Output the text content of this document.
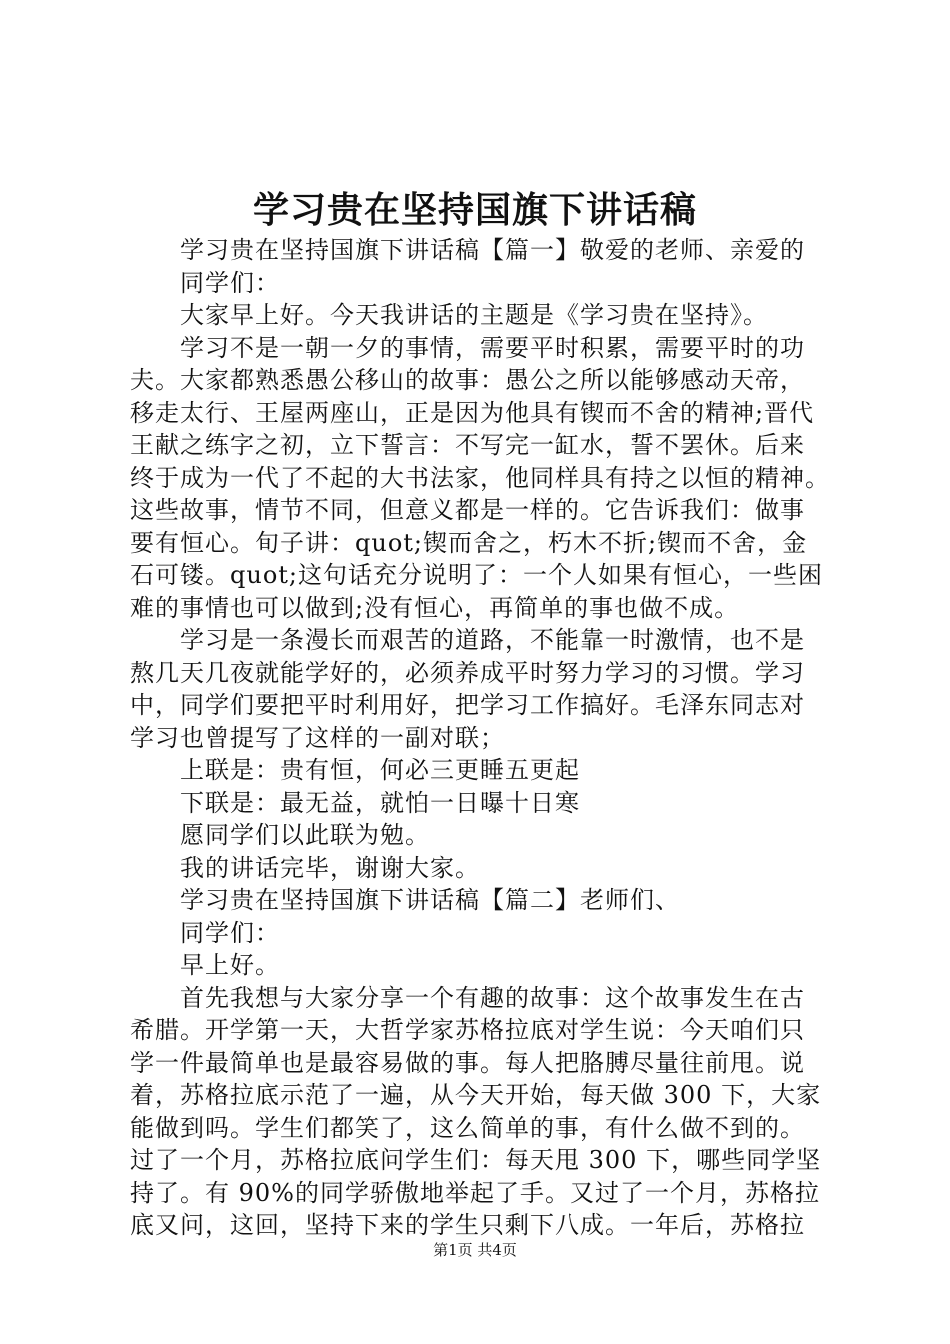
学习贵在坚持国旗下讲话稿
学习贵在坚持国旗下讲话稿【篇一】敬爱的老师、亲爱的
同学们：
大家早上好。今天我讲话的主题是《学习贵在坚持》。
学习不是一朝一夕的事情，需要平时积累，需要平时的功
夫。大家都熟悉愚公移山的故事：愚公之所以能够感动天帝，
移走太行、王屋两座山，正是因为他具有锲而不舍的精神;晋代
王献之练字之初，立下誓言：不写完一缸水，誓不罢休。后来
终于成为一代了不起的大书法家，他同样具有持之以恒的精神。
这些故事，情节不同，但意义都是一样的。它告诉我们：做事
要有恒心。旬子讲：quot;锲而舍之，朽木不折;锲而不舍，金
石可镂。quot;这句话充分说明了：一个人如果有恒心，一些困
难的事情也可以做到;没有恒心，再简单的事也做不成。
学习是一条漫长而艰苦的道路，不能靠一时激情，也不是
熬几天几夜就能学好的，必须养成平时努力学习的习惯。学习
中，同学们要把平时利用好，把学习工作搞好。毛泽东同志对
学习也曾提写了这样的一副对联；
上联是：贵有恒，何必三更睡五更起
下联是：最无益，就怕一日曝十日寒
愿同学们以此联为勉。
我的讲话完毕，谢谢大家。
学习贵在坚持国旗下讲话稿【篇二】老师们、
同学们：
早上好。
首先我想与大家分享一个有趣的故事：这个故事发生在古
希腊。开学第一天，大哲学家苏格拉底对学生说：今天咱们只
学一件最简单也是最容易做的事。每人把胳膊尽量往前甩。说
着，苏格拉底示范了一遍，从今天开始，每天做 300 下，大家
能做到吗。学生们都笑了，这么简单的事，有什么做不到的。
过了一个月，苏格拉底问学生们：每天甩 300 下，哪些同学坚
持了。有 90%的同学骄傲地举起了手。又过了一个月，苏格拉
底又问，这回，坚持下来的学生只剩下八成。一年后，苏格拉
第1页 共4页
